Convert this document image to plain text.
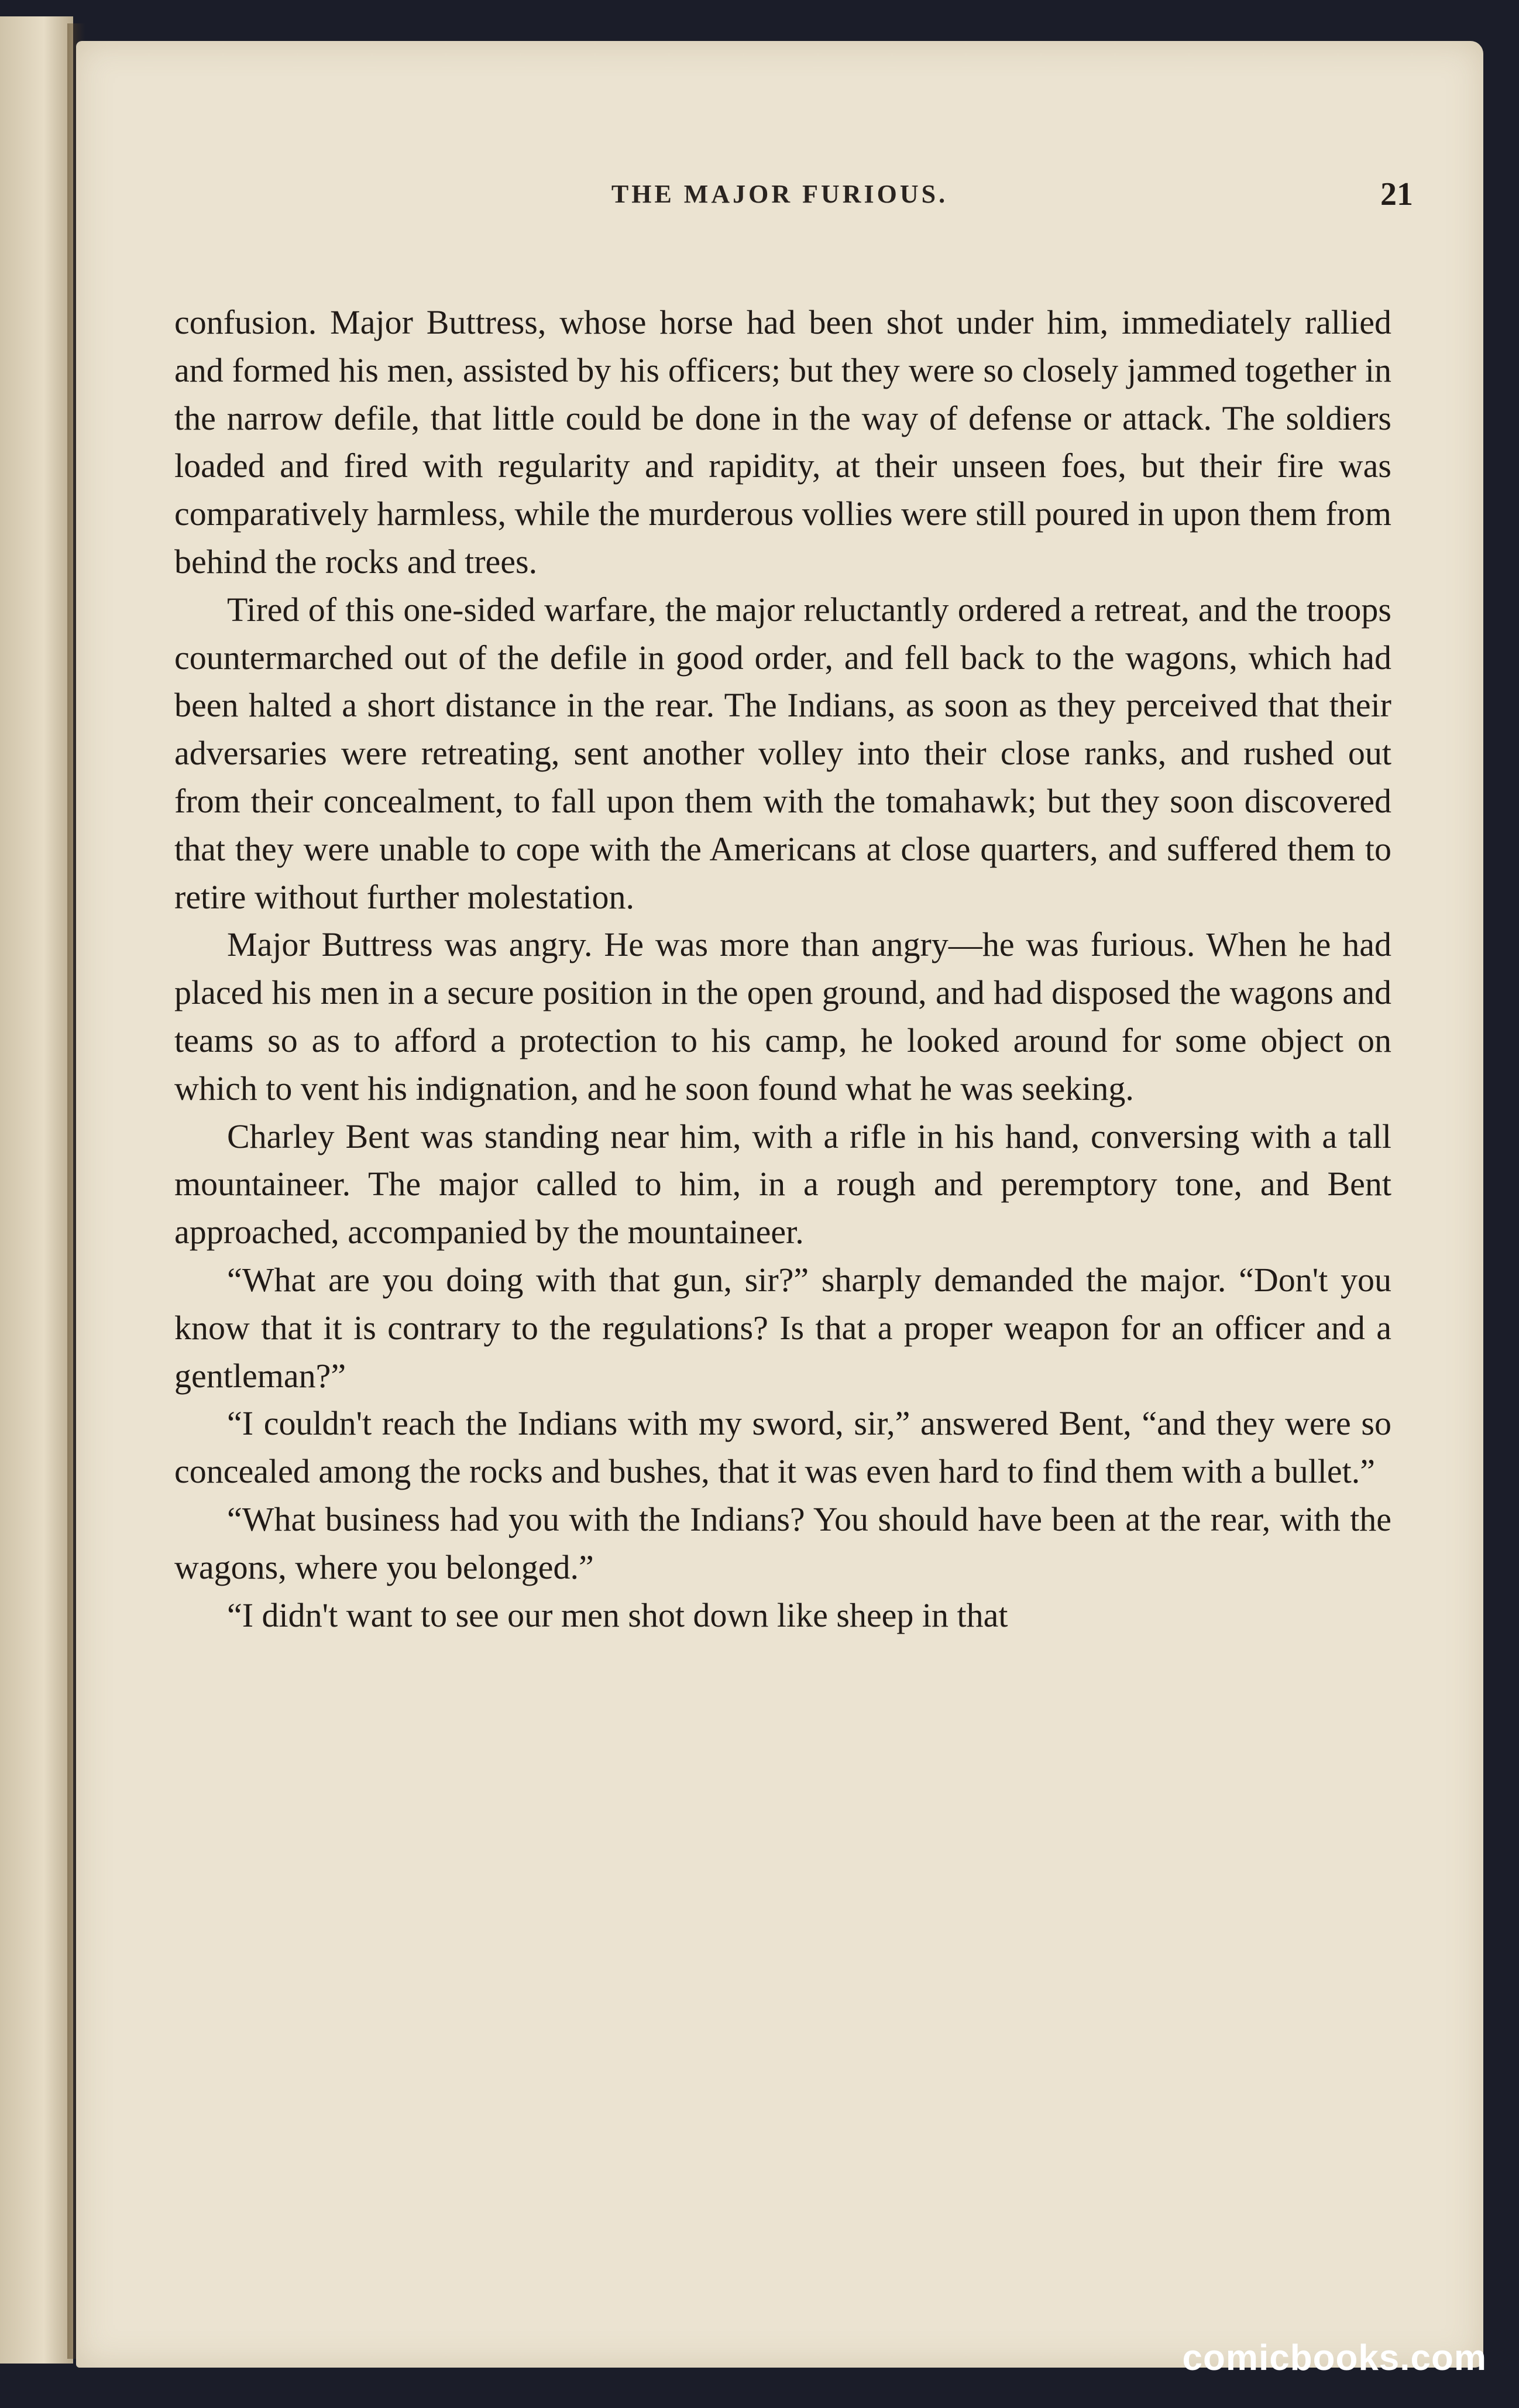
THE MAJOR FURIOUS.	21

confusion. Major Buttress, whose horse had been shot under him, immediately rallied and formed his men, assisted by his officers; but they were so closely jammed together in the narrow defile, that little could be done in the way of defense or attack. The soldiers loaded and fired with regularity and rapidity, at their unseen foes, but their fire was comparatively harmless, while the murderous vollies were still poured in upon them from behind the rocks and trees.

Tired of this one-sided warfare, the major reluctantly ordered a retreat, and the troops countermarched out of the defile in good order, and fell back to the wagons, which had been halted a short distance in the rear. The Indians, as soon as they perceived that their adversaries were retreating, sent another volley into their close ranks, and rushed out from their concealment, to fall upon them with the tomahawk; but they soon discovered that they were unable to cope with the Americans at close quarters, and suffered them to retire without further molestation.

Major Buttress was angry. He was more than angry—he was furious. When he had placed his men in a secure position in the open ground, and had disposed the wagons and teams so as to afford a protection to his camp, he looked around for some object on which to vent his indignation, and he soon found what he was seeking.

Charley Bent was standing near him, with a rifle in his hand, conversing with a tall mountaineer. The major called to him, in a rough and peremptory tone, and Bent approached, accompanied by the mountaineer.

“What are you doing with that gun, sir?” sharply demanded the major. “Don't you know that it is contrary to the regulations? Is that a proper weapon for an officer and a gentleman?”

“I couldn't reach the Indians with my sword, sir,” answered Bent, “and they were so concealed among the rocks and bushes, that it was even hard to find them with a bullet.”

“What business had you with the Indians? You should have been at the rear, with the wagons, where you belonged.”

“I didn't want to see our men shot down like sheep in that

comicbooks.com
